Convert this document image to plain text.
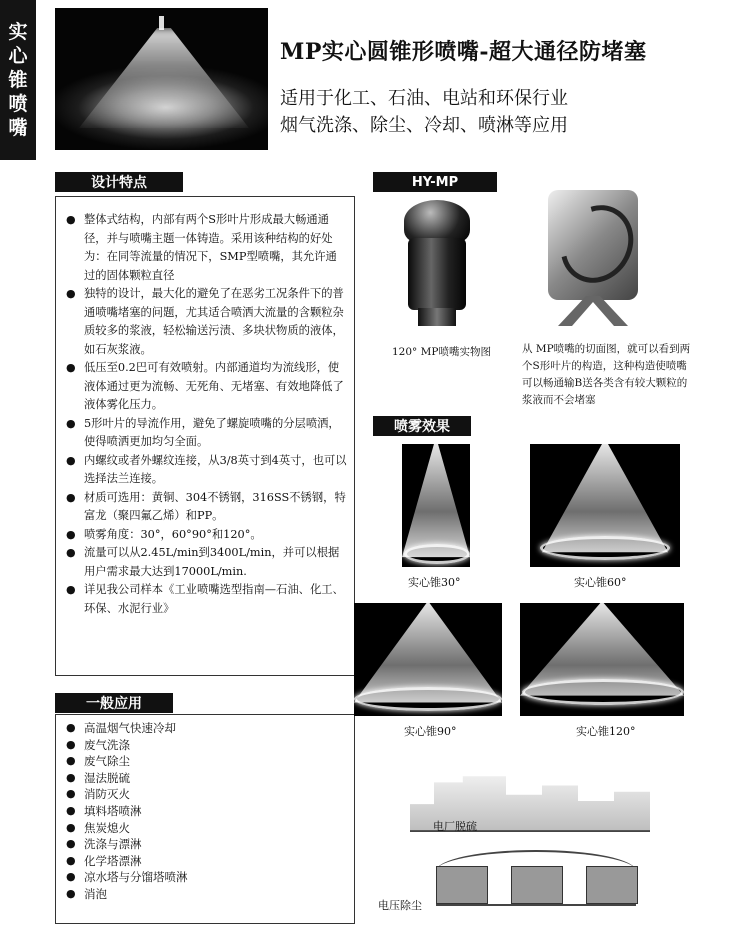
实
心
锥
喷
嘴
MP实心圆锥形喷嘴-超大通径防堵塞
适用于化工、石油、电站和环保行业
烟气洗涤、除尘、冷却、喷淋等应用
设计特点
● 整体式结构，内部有两个S形叶片形成最大畅通通径，并与喷嘴主题一体铸造。采用该种结构的好处为：在同等流量的情况下，SMP型喷嘴，其允许通过的固体颗粒直径
● 独特的设计，最大化的避免了在恶劣工况条件下的普通喷嘴堵塞的问题，尤其适合喷洒大流量的含颗粒杂质较多的浆液，轻松输送污渍、多块状物质的液体，如石灰浆液。
● 低压至0.2巴可有效喷射。内部通道均为流线形，使液体通过更为流畅、无死角、无堵塞、有效地降低了液体雾化压力。
● 5形叶片的导流作用，避免了螺旋喷嘴的分层喷洒，使得喷洒更加均匀全面。
● 内螺纹或者外螺纹连接，从3/8英寸到4英寸，也可以选择法兰连接。
● 材质可选用：黄铜、304不锈钢，316SS不锈钢，特富龙（聚四氟乙烯）和PP。
● 喷雾角度：30°，60°90°和120°。
● 流量可以从2.45L/min到3400L/min，并可以根据用户需求最大达到17000L/min.
● 详见我公司样本《工业喷嘴选型指南—石油、化工、环保、水泥行业》
一般应用
● 高温烟气快速冷却
● 废气洗涤
● 废气除尘
● 湿法脱硫
● 消防灭火
● 填料塔喷淋
● 焦炭熄火
● 洗涤与漂淋
● 化学塔漂淋
● 凉水塔与分馏塔喷淋
● 消泡
HY-MP
120° MP喷嘴实物图	从 MP喷嘴的切面图，就可以看到两个S形叶片的构造，这种构造使喷嘴可以畅通输B送各类含有较大颗粒的浆液而不会堵塞
喷雾效果
实心锥30°	实心锥60°
实心锥90°	实心锥120°
电厂脱硫
电压除尘
